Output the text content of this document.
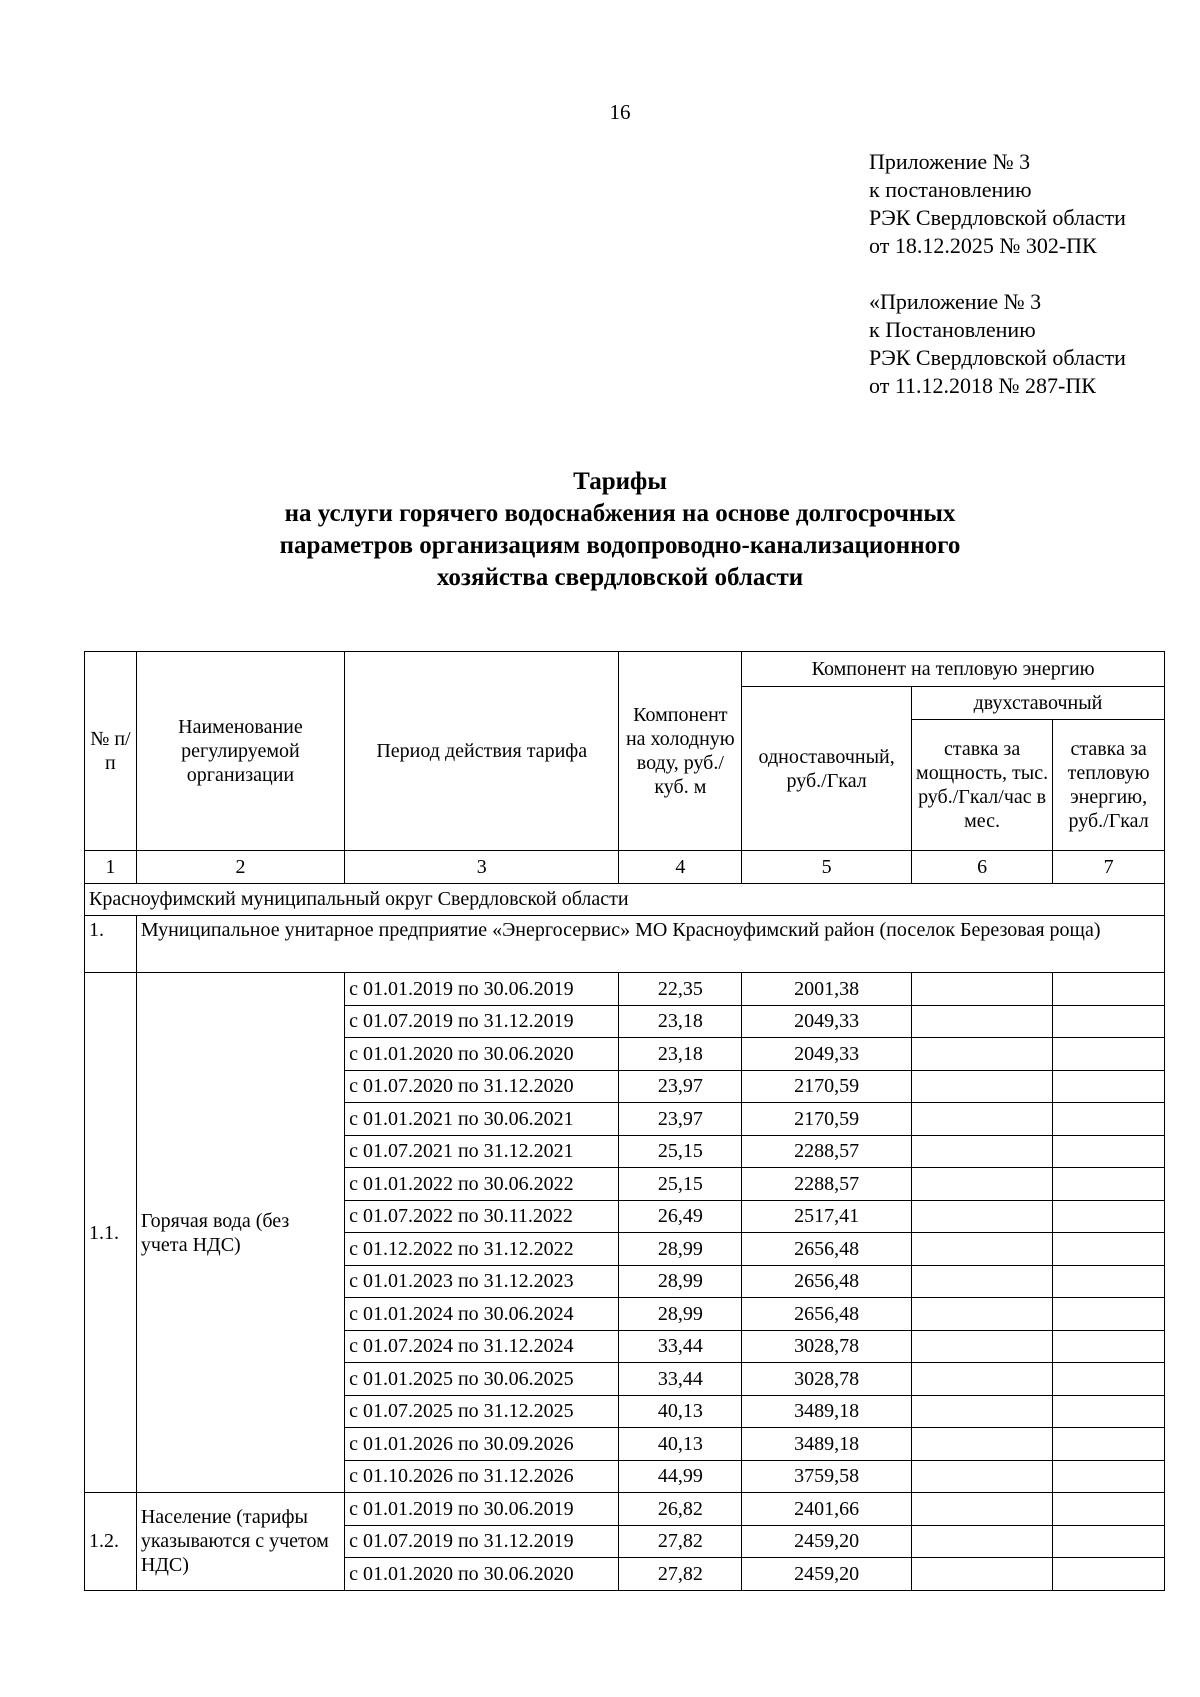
16
Приложение № 3
к постановлению
РЭК Свердловской области
от 18.12.2025 № 302-ПК
«Приложение № 3
к Постановлению
РЭК Свердловской области
от 11.12.2018 № 287-ПК
Тарифы
на услуги горячего водоснабжения на основе долгосрочных
параметров организациям водопроводно-канализационного
хозяйства свердловской области
№ п/п	Наименование регулируемой организации	Период действия тарифа	Компонент на холодную воду, руб./куб. м	Компонент на тепловую энергию		
				одноставочный, руб./Гкал	двухставочный	
					ставка за мощность, тыс. руб./Гкал/час в мес.	ставка за тепловую энергию, руб./Гкал
1	2	3	4	5	6	7
Красноуфимский муниципальный округ Свердловской области						
1.	Муниципальное унитарное предприятие «Энергосервис» МО Красноуфимский район (поселок Березовая роща)					
1.1.	Горячая вода (без учета НДС)	с 01.01.2019 по 30.06.2019	22,35	2001,38		
		с 01.07.2019 по 31.12.2019	23,18	2049,33		
		с 01.01.2020 по 30.06.2020	23,18	2049,33		
		с 01.07.2020 по 31.12.2020	23,97	2170,59		
		с 01.01.2021 по 30.06.2021	23,97	2170,59		
		с 01.07.2021 по 31.12.2021	25,15	2288,57		
		с 01.01.2022 по 30.06.2022	25,15	2288,57		
		с 01.07.2022 по 30.11.2022	26,49	2517,41		
		с 01.12.2022 по 31.12.2022	28,99	2656,48		
		с 01.01.2023 по 31.12.2023	28,99	2656,48		
		с 01.01.2024 по 30.06.2024	28,99	2656,48		
		с 01.07.2024 по 31.12.2024	33,44	3028,78		
		с 01.01.2025 по 30.06.2025	33,44	3028,78		
		с 01.07.2025 по 31.12.2025	40,13	3489,18		
		с 01.01.2026 по 30.09.2026	40,13	3489,18		
		с 01.10.2026 по 31.12.2026	44,99	3759,58		
1.2.	Население (тарифы указываются с учетом НДС)	с 01.01.2019 по 30.06.2019	26,82	2401,66		
		с 01.07.2019 по 31.12.2019	27,82	2459,20		
		с 01.01.2020 по 30.06.2020	27,82	2459,20		
